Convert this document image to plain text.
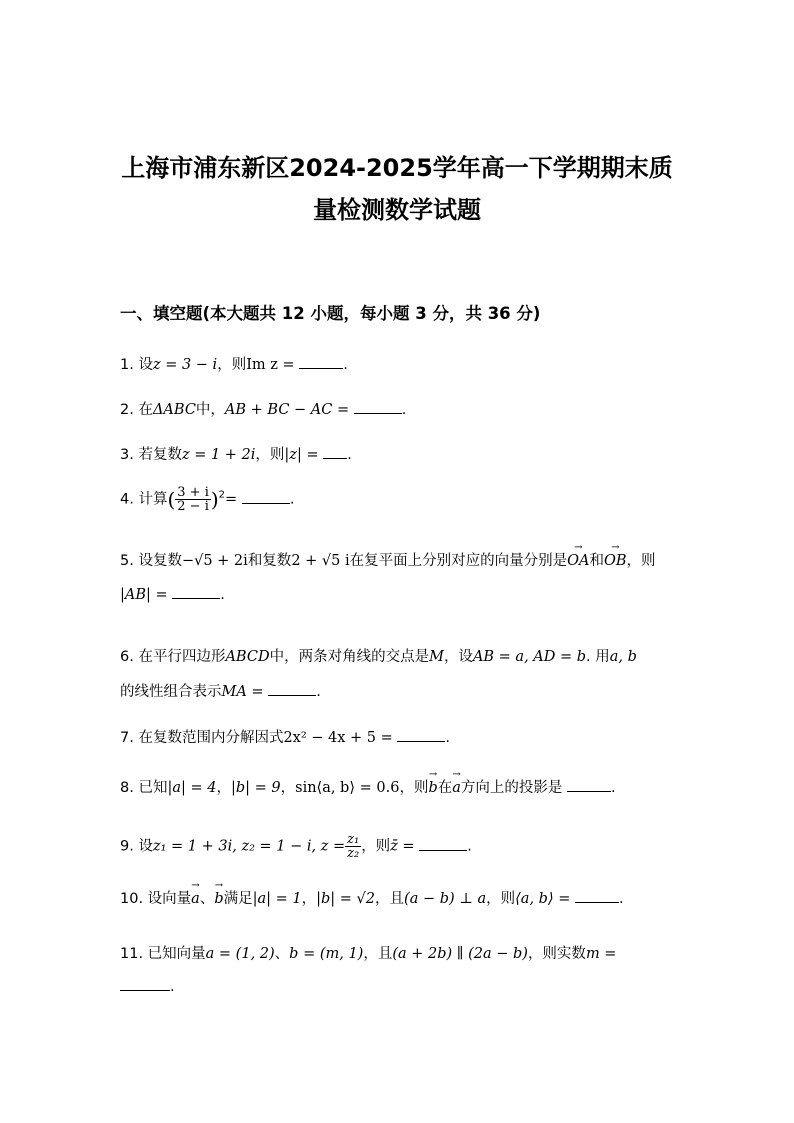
上海市浦东新区2024-2025学年高一下学期期末质
量检测数学试题
一、填空题(本大题共 12 小题，每小题 3 分，共 36 分)
1. 设z = 3 − i，则Im z =	.
2. 在ΔABC中，AB + BC − AC =	.
3. 若复数z = 1 + 2i，则|z| = .
4. 计算( $\frac{3 + i}{2 - i} )^2=$	.
5. 设复数−√5 + 2i和复数2 + √5 i在复平面上分别对应的向量分别是→ OA和→ OB，则
|AB| =	.
6. 在平行四边形ABCD中，两条对角线的交点是M，设AB = a, AD = b. 用a, b
的线性组合表示MA =	.
7. 在复数范围内分解因式2x² − 4x + 5 =	.
8. 已知|a| = 4，|b| = 9，sin⟨a, b⟩ = 0.6，则→ b在→ a方向上的投影是	.
9. 设z₁ = 1 + 3i, z₂ = 1 − i, $z = \frac{\text{z₁}}{\text{z₂}}$ ，则z̄ =	.
10. 设向量→ a、→ b满足|a| = 1，|b| = √2，且(a − b) ⊥ a，则⟨a, b⟩ =	.
11. 已知向量a = (1, 2)、b = (m, 1)，且(a + 2b) ∥ (2a − b)，则实数m =
.
